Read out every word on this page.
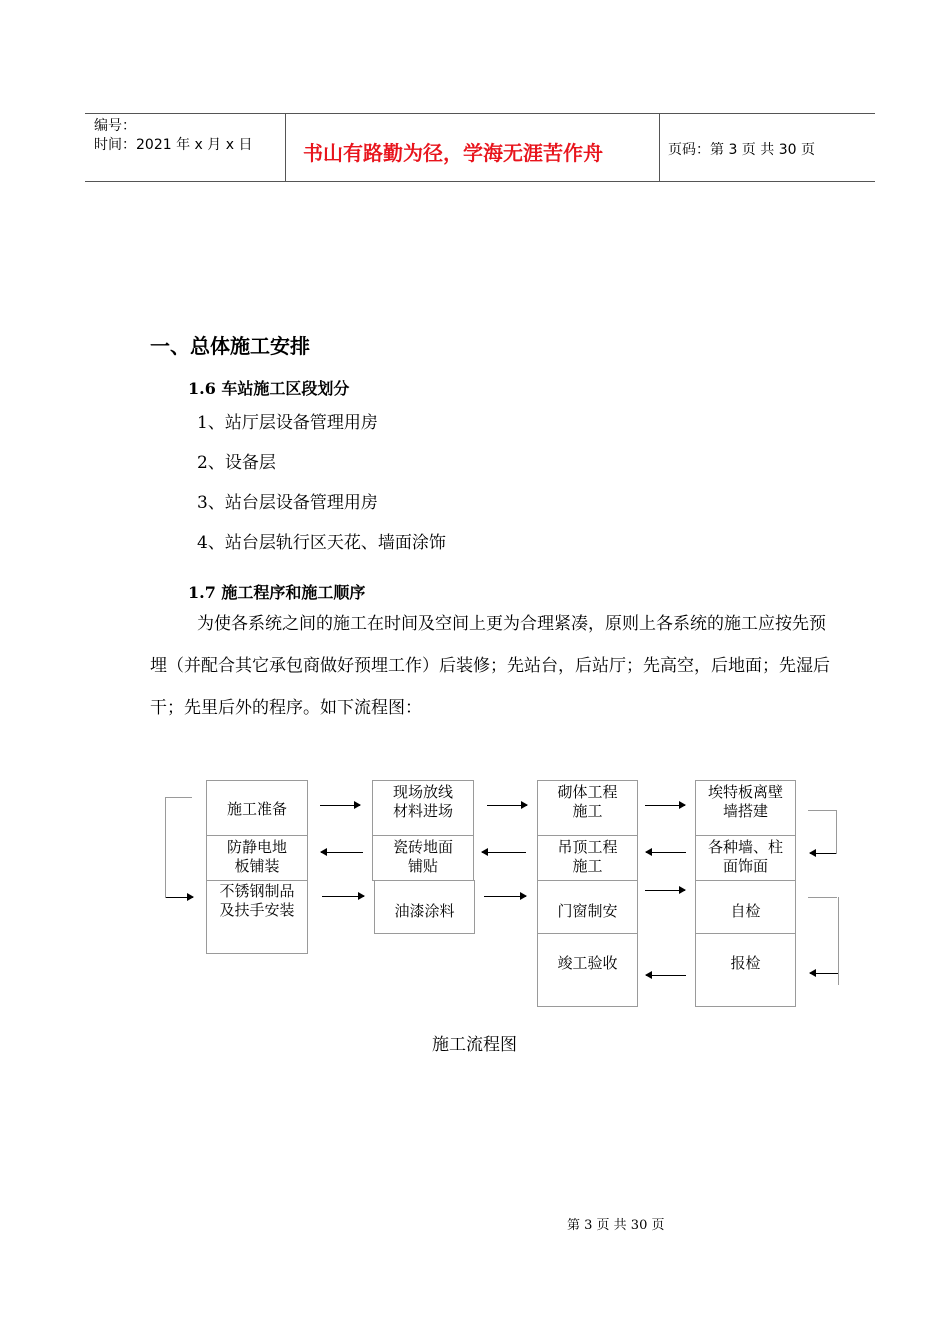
编号：
时间：2021 年 x 月 x 日	书山有路勤为径，学海无涯苦作舟	页码：第 3 页 共 30 页
一、总体施工安排
1.6 车站施工区段划分
1、站厅层设备管理用房
2、设备层
3、站台层设备管理用房
4、站台层轨行区天花、墙面涂饰
1.7 施工程序和施工顺序
为使各系统之间的施工在时间及空间上更为合理紧凑，原则上各系统的施工应按先预埋（并配合其它承包商做好预埋工作）后装修；先站台，后站厅；先高空，后地面；先湿后干；先里后外的程序。如下流程图：
施工准备
现场放线
材料进场
砌体工程
施工
埃特板离壁
墙搭建
防静电地
板铺装
瓷砖地面
铺贴
吊顶工程
施工
各种墙、柱
面饰面
不锈钢制品
及扶手安装	油漆涂料	门窗制安	自检
竣工验收	报检
施工流程图
第 3 页 共 30 页
